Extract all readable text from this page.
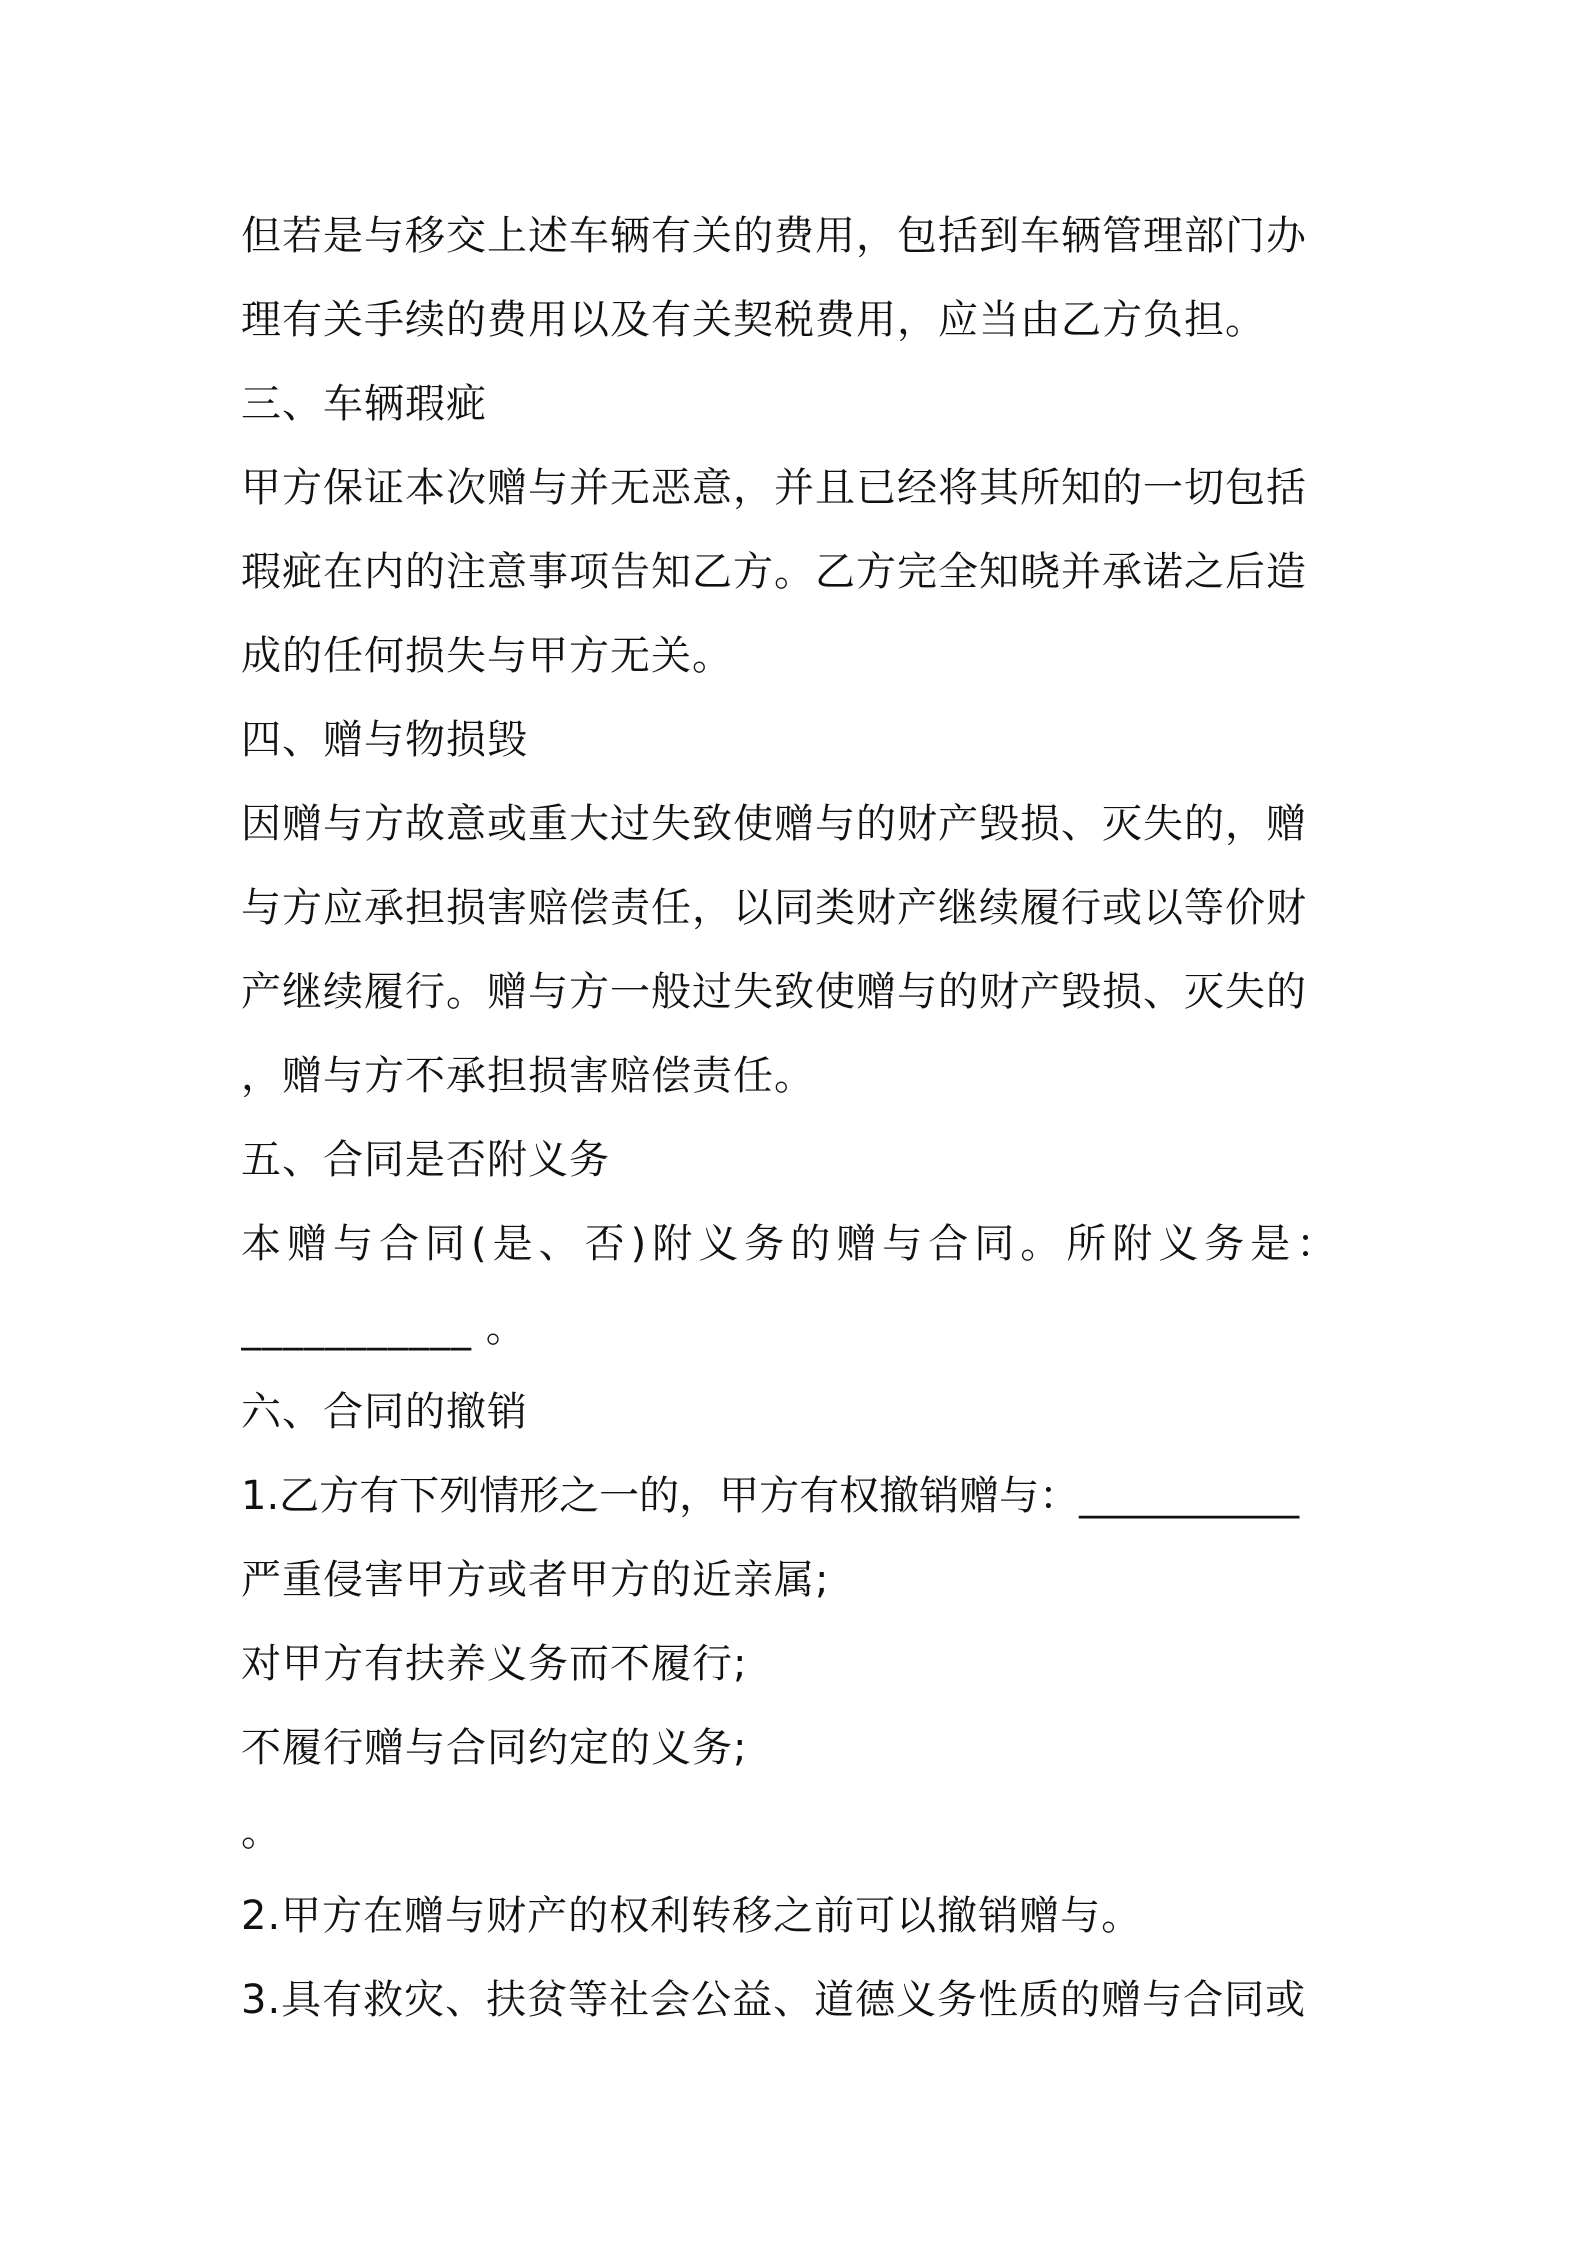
但若是与移交上述车辆有关的费用，包括到车辆管理部门办
理有关手续的费用以及有关契税费用，应当由乙方负担。
三、车辆瑕疵
甲方保证本次赠与并无恶意，并且已经将其所知的一切包括
瑕疵在内的注意事项告知乙方。乙方完全知晓并承诺之后造
成的任何损失与甲方无关。
四、赠与物损毁
因赠与方故意或重大过失致使赠与的财产毁损、灭失的，赠
与方应承担损害赔偿责任，以同类财产继续履行或以等价财
产继续履行。赠与方一般过失致使赠与的财产毁损、灭失的
，赠与方不承担损害赔偿责任。
五、合同是否附义务
本赠与合同(是、否)附义务的赠与合同。所附义务是：
___________ 。
六、合同的撤销
1.乙方有下列情形之一的，甲方有权撤销赠与：___________
严重侵害甲方或者甲方的近亲属;
对甲方有扶养义务而不履行;
不履行赠与合同约定的义务;
。
2.甲方在赠与财产的权利转移之前可以撤销赠与。
3.具有救灾、扶贫等社会公益、道德义务性质的赠与合同或
